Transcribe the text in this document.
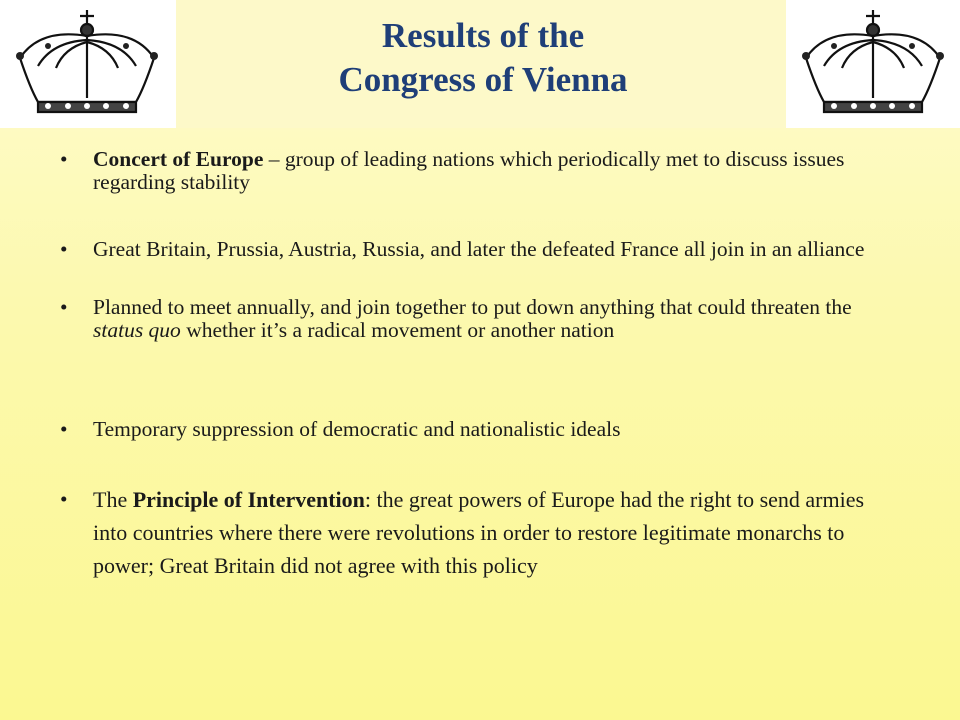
Results of the
Congress of Vienna
• Concert of Europe – group of leading nations which periodically met to discuss issues regarding stability
• Great Britain, Prussia, Austria, Russia, and later the defeated France all join in an alliance
• Planned to meet annually, and join together to put down anything that could threaten the status quo whether it’s a radical movement or another nation
• Temporary suppression of democratic and nationalistic ideals
• The Principle of Intervention: the great powers of Europe had the right to send armies into countries where there were revolutions in order to restore legitimate monarchs to power; Great Britain did not agree with this policy
